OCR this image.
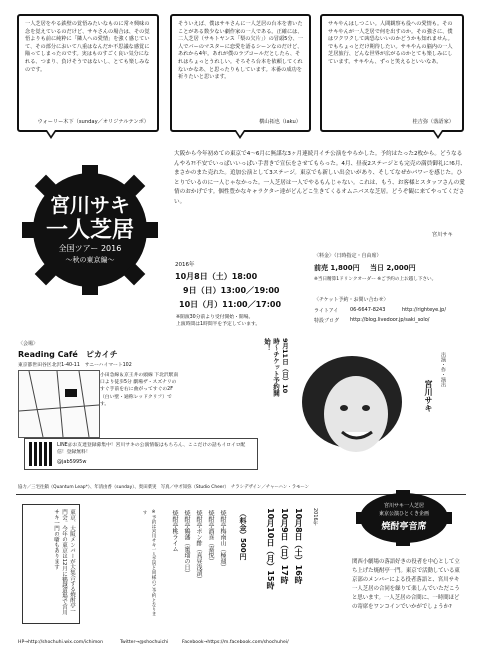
一人芝居をやる鉄壁の覚悟みたいなものに常々興味の念を覚えているのだけど、サキさんの場合は、その覚悟よりも前に純粋に「隣人への愛情」を強く感じていて、その部分において八重はなんだか不思議な感覚に陥ってしまったのです。実はものすごく良い気分になれる、つまり、負けそうではないし、とても楽しみなのです。
ウォーリー木下（sunday／オリジナルテンポ）
そういえば、僕はサキさんに一人芝居の台本を書いたことがある数少ない劇作家の一人である。正確には、二人芝居（サキトヤンス「梨の欠片」）の冒頭5分、一人でバーのマスターに恋愛を語るシーンなのだけど、あれから4年。あれが僕のラブコールだとしたら、それはちょっとうれしい。そろそろ台本を依頼してくれないかなあ、と思ったりもしています。本番の成功を祈りたいと思います。
横山拓也（iaku）
サキやんはしつこい。人間観察も役への愛情も。そのサキやんが一人芝居で何を出すのか。その強さに、僕はワクワクして凶恐ないいのかどうかも知れません。でもちょっとだけ期待したい。サキやんの脳内の一人芝居旅行、どんな世界が広がるのかとても楽しみにしています。サキやん、ずっと笑えるといいなあ。
桂吉弥（落語家）
宮川サキ
一人芝居
全国ツアー 2016
〜秋の東京編〜
大阪から今年初めての東京で4〜6月に無謀な3ヶ月連続月イチ公演をやらかした。予約はたった2枚から。どうなるんやろ?!不安でいっぱいいっぱい手書きで宣伝をさせてもらった。4月、昼夜2ステージとも完売の満員御礼に!6月、まさかのまた売れた。追加公演として3ステージ。東京でも新しい出会いがあり、そしてなぜかパワーを感じた。ひとりでいるのに一人じゃなかった。一人芝居は一人でやるもんじゃない。これは、もう、お客様とスタッフさんの愛情のおかげです。個性豊かなキャラクター達がどんどこ生きてくるオムニバスな芝居。どうぞ観に来てやってください。
宮川サキ
2016年
10月8日（土）18:00
9日（日）13:00／19:00
10日（月）11:00／17:00
※開演30分前より受付開始・開場。
上演時間は1時間半を予定しています。
〈料金〉（日時指定・自由席）
前売 1,800円 当日 2,000円
※当日精算1ドリンクオーダー ※ご予約の上お越し下さい。
〈チケット予約・お問い合わせ〉
ライトアイ 06-6647-8243	http://righteye.jp/
特設ブログ http://blog.livedoor.jp/saki_solo/
〈会場〉
Reading Café　ピカイチ
東京都世田谷区北沢1-40-11　サニーハイマート102
小田急線＆京王井の頭線 下北沢駅南口より徒歩5分 劇場ザ・スズナリのすぐ手前を右に曲がってすぐの2F（白い壁・通称レッドクリフ）です。
9月11日（日）10時〜チケット予約開始！
出演・作・演出
宮川サキ
LINE＠お友達登録募集中！宮川サキの公演情報はもちろん、ここだけの話もイロイロ配信！登録無料！
@jab5995w
協力／三宅往鎖（Quantum Leap*）、年清由香（sunday）、奥田菜実　写真／中才知弥（Studio Cheer）　チラシデザイン／チャーハン・ラモーン
東京、大阪メンバーが大集合する焼酎亭一門会。今年の東京は12月に鶴越道場で宮川サキ一門の噺もあります	※予約は宮川サキ一人芝居と同様のご予約となります	焼酎亭桃ライム 焼酎亭鶴藩（蜜瑠の日） 焼酎亭ポン酢（真昼浅漬） 焼酎亭酒喜（嘉悦） 焼酎亭梅南山（極週） （料金）500円	2016年
10月8日（土）16時
10月9日（日）17時
10月10日（月）15時
宮川サキ一人芝居
東京公演ひとくき企画
焼酎亭音席
関西小劇場の落語好きの役者を中心として立ち上げた焼酎亭一門。東京で活動している東京部のメンバーによる役者落語と、宮川サキ一人芝居の合同を繰りて楽しんでいただこうと思います。一人芝居の合間に、一時間ほどの寄席をワンコインでいかがでしょうか?
HP→http://shochuhi.wix.com/ichimon	Twitter→@shochuichi	Facebook→https://m.facebook.com/shochuhei/
